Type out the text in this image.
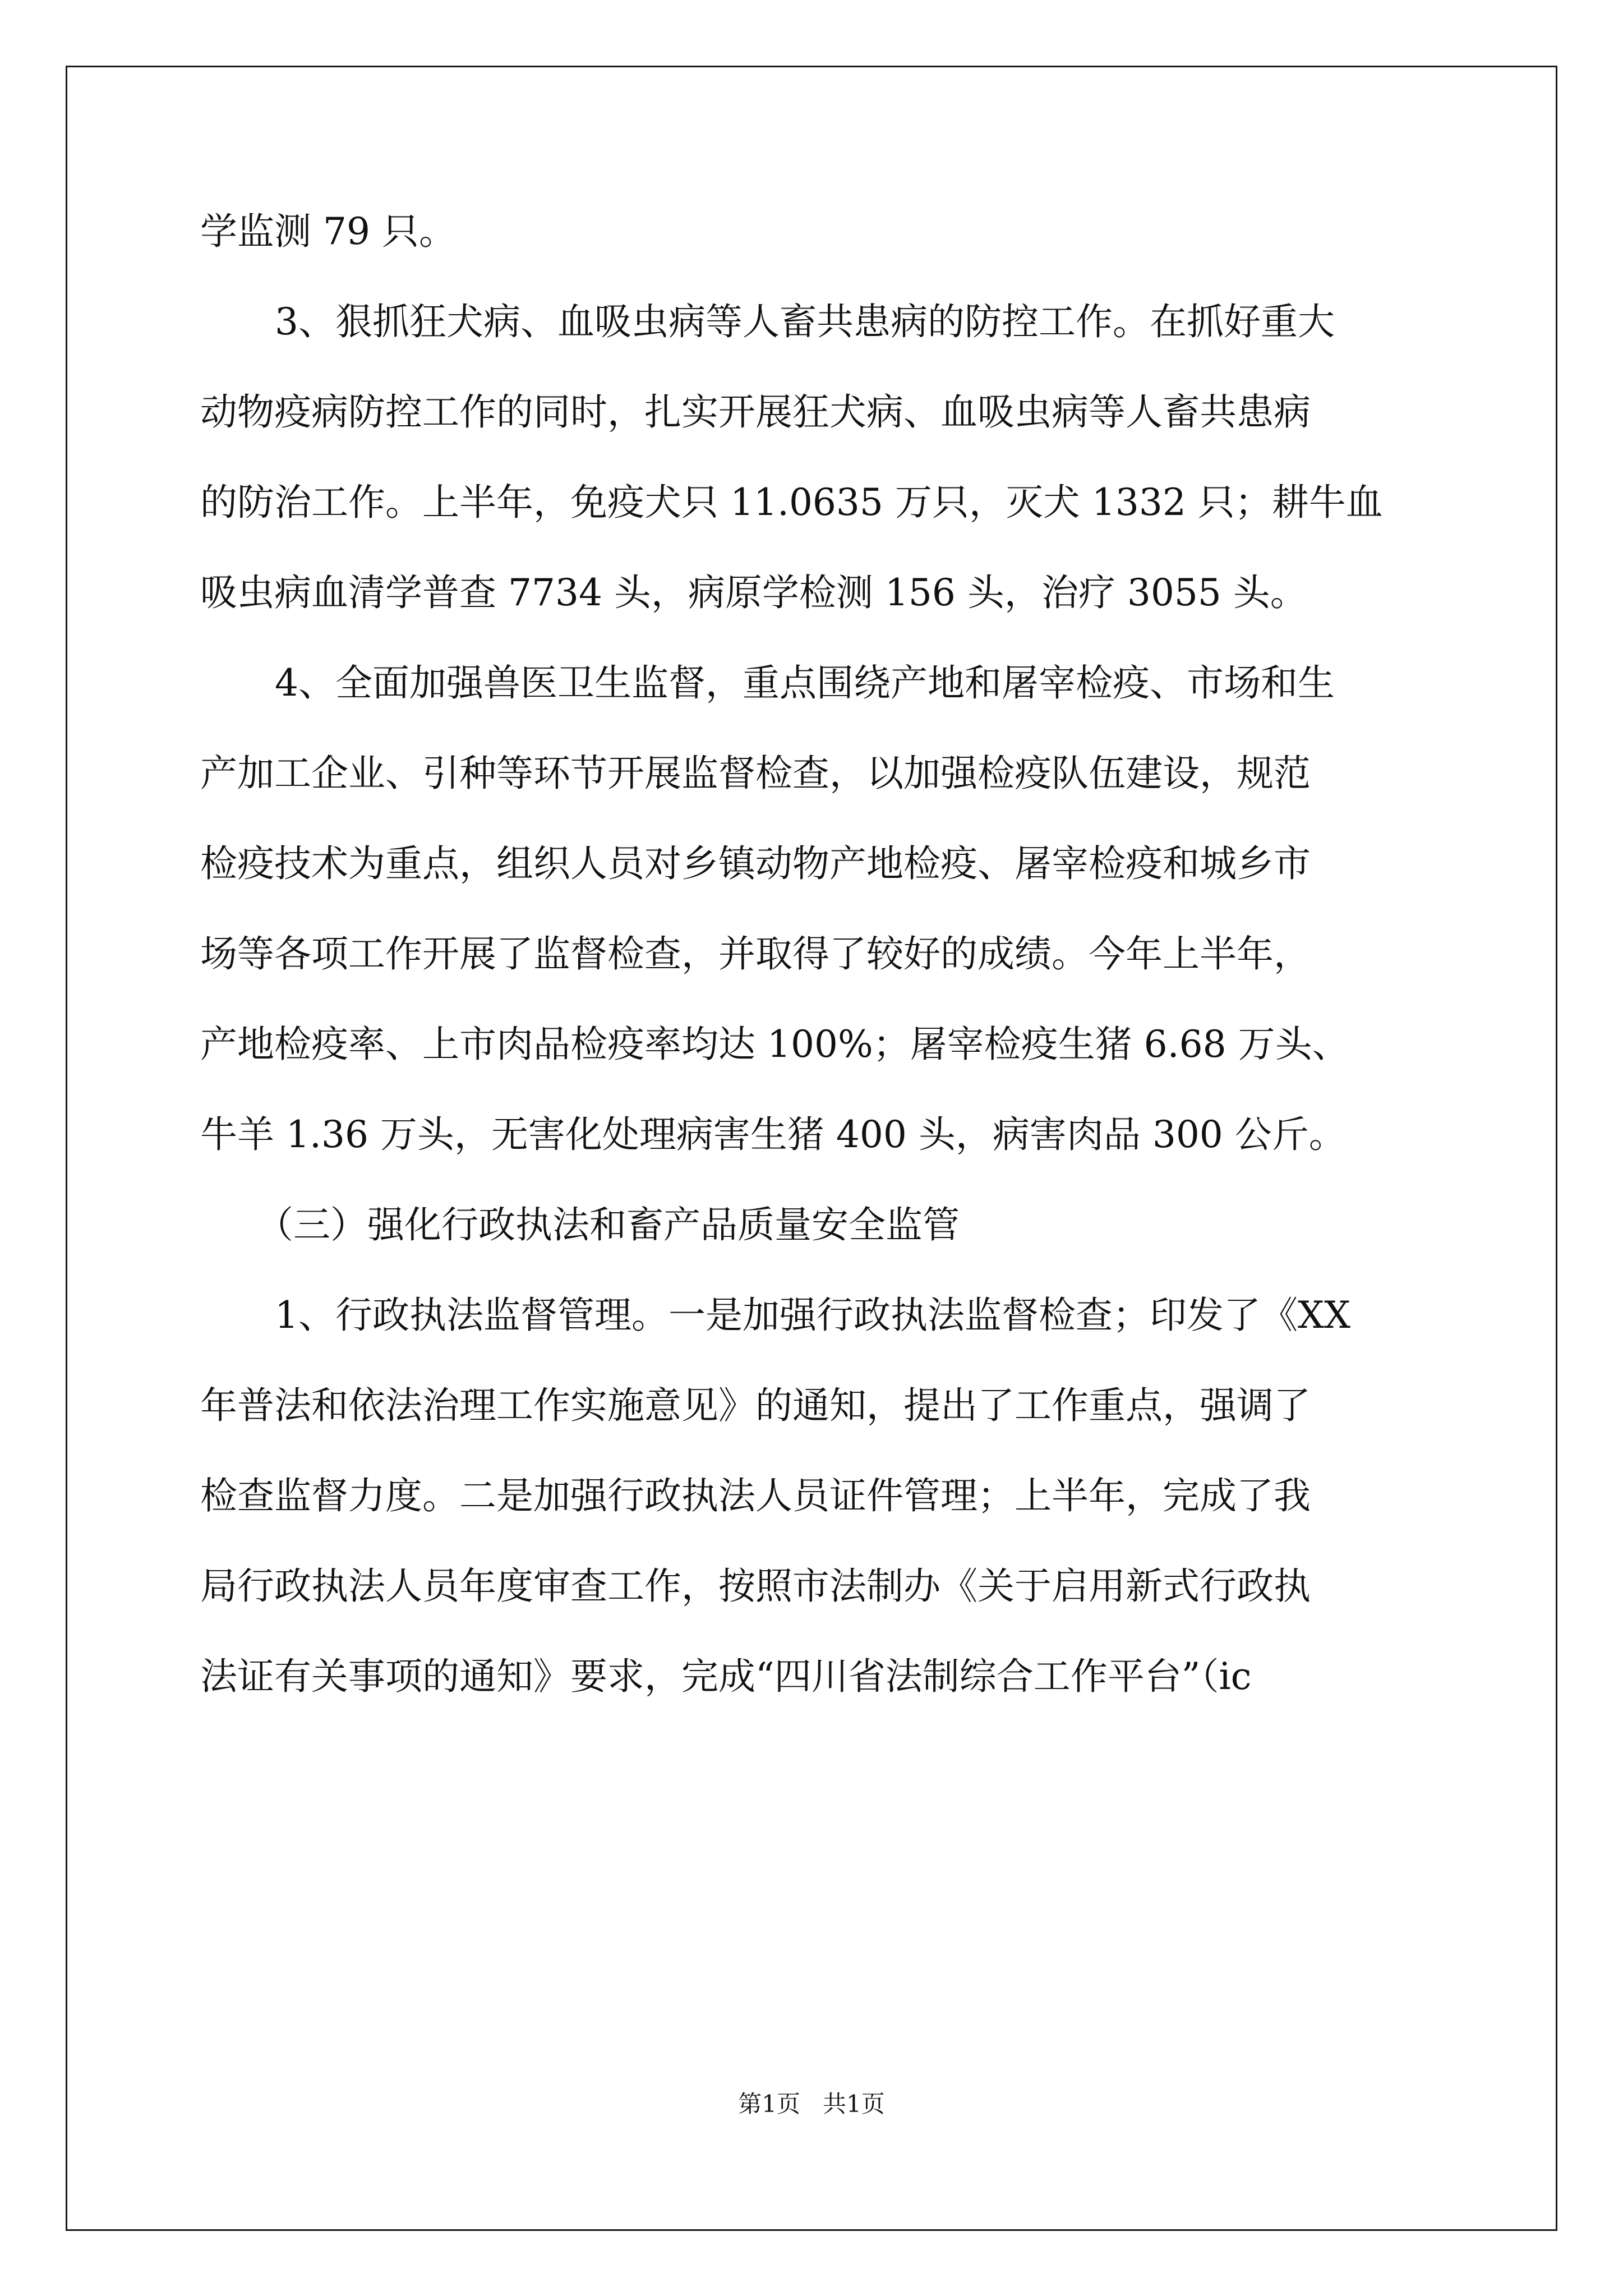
学监测 79 只。
3、狠抓狂犬病、血吸虫病等人畜共患病的防控工作。在抓好重大
动物疫病防控工作的同时，扎实开展狂犬病、血吸虫病等人畜共患病
的防治工作。上半年，免疫犬只 11.0635 万只，灭犬 1332 只；耕牛血
吸虫病血清学普查 7734 头，病原学检测 156 头，治疗 3055 头。
4、全面加强兽医卫生监督，重点围绕产地和屠宰检疫、市场和生
产加工企业、引种等环节开展监督检查，以加强检疫队伍建设，规范
检疫技术为重点，组织人员对乡镇动物产地检疫、屠宰检疫和城乡市
场等各项工作开展了监督检查，并取得了较好的成绩。今年上半年，
产地检疫率、上市肉品检疫率均达 100%；屠宰检疫生猪 6.68 万头、
牛羊 1.36 万头，无害化处理病害生猪 400 头，病害肉品 300 公斤。
（三）强化行政执法和畜产品质量安全监管
1、行政执法监督管理。一是加强行政执法监督检查；印发了《XX
年普法和依法治理工作实施意见》的通知，提出了工作重点，强调了
检查监督力度。二是加强行政执法人员证件管理；上半年，完成了我
局行政执法人员年度审查工作，按照市法制办《关于启用新式行政执
法证有关事项的通知》要求，完成“四川省法制综合工作平台”（ic
第1页   共1页
